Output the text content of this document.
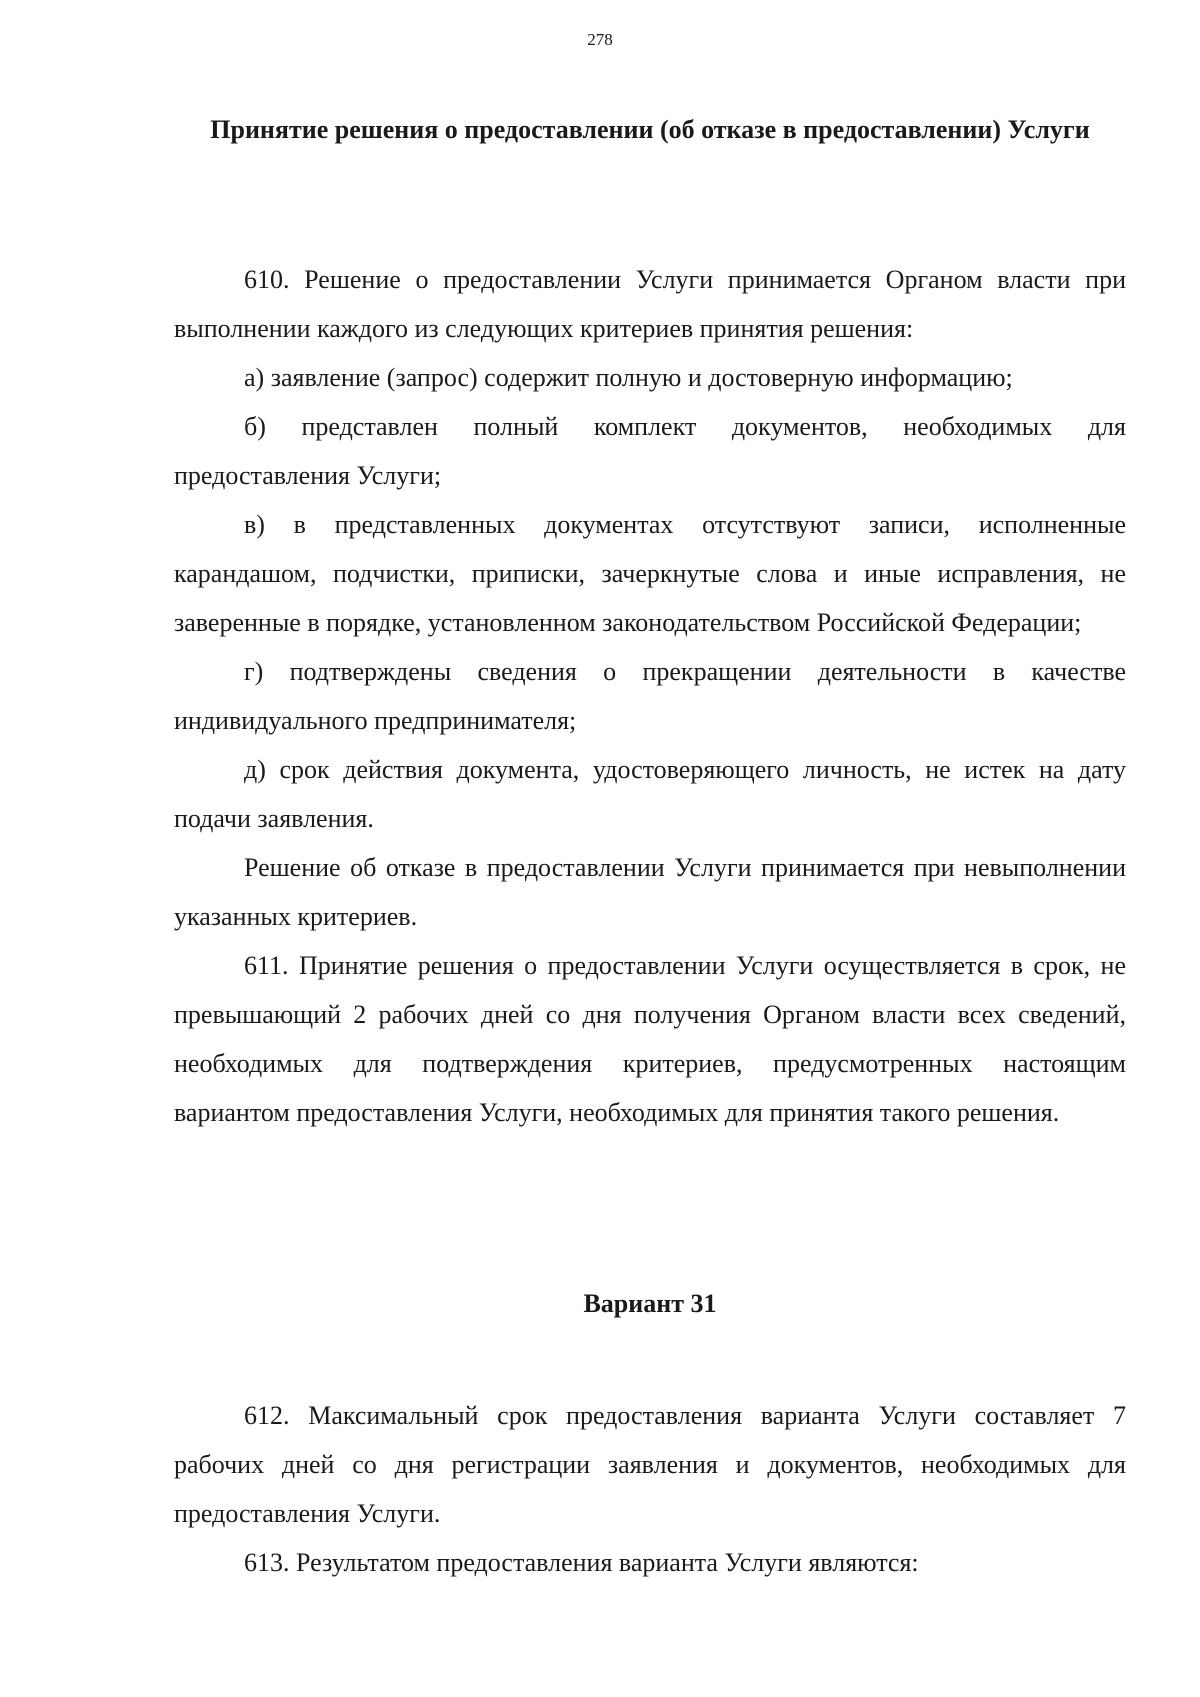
278
Принятие решения о предоставлении (об отказе в предоставлении) Услуги

610. Решение о предоставлении Услуги принимается Органом власти при выполнении каждого из следующих критериев принятия решения:

а) заявление (запрос) содержит полную и достоверную информацию;

б) представлен полный комплект документов, необходимых для предоставления Услуги;

в) в представленных документах отсутствуют записи, исполненные карандашом, подчистки, приписки, зачеркнутые слова и иные исправления, не заверенные в порядке, установленном законодательством Российской Федерации;

г) подтверждены сведения о прекращении деятельности в качестве индивидуального предпринимателя;

д) срок действия документа, удостоверяющего личность, не истек на дату подачи заявления.

Решение об отказе в предоставлении Услуги принимается при невыполнении указанных критериев.

611. Принятие решения о предоставлении Услуги осуществляется в срок, не превышающий 2 рабочих дней со дня получения Органом власти всех сведений, необходимых для подтверждения критериев, предусмотренных настоящим вариантом предоставления Услуги, необходимых для принятия такого решения.

Вариант 31

612. Максимальный срок предоставления варианта Услуги составляет 7 рабочих дней со дня регистрации заявления и документов, необходимых для предоставления Услуги.

613. Результатом предоставления варианта Услуги являются:
